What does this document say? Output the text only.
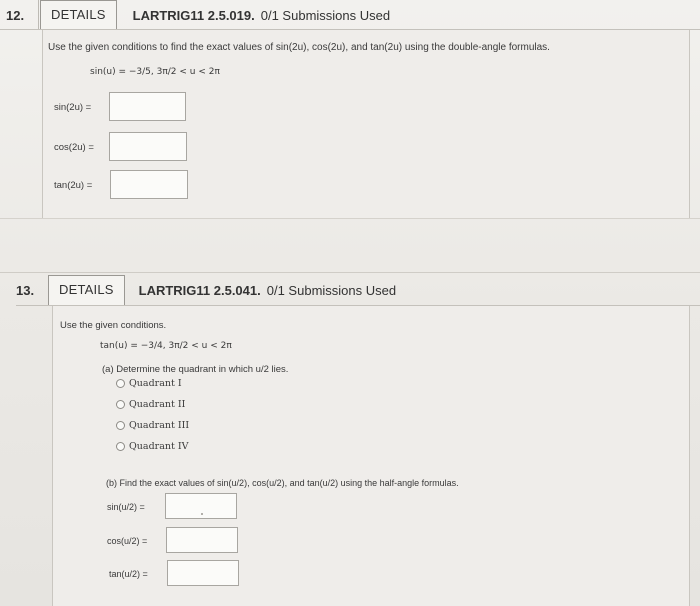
12.	DETAILS	LARTRIG11 2.5.019. 0/1 Submissions Used
Use the given conditions to find the exact values of sin(2u), cos(2u), and tan(2u) using the double-angle formulas.
sin(u) = −3/5, 3π/2 < u < 2π
sin(2u) =
cos(2u) =
tan(2u) =
13.	DETAILS	LARTRIG11 2.5.041. 0/1 Submissions Used
Use the given conditions.
tan(u) = −3/4, 3π/2 < u < 2π
(a) Determine the quadrant in which u/2 lies.
Quadrant I
Quadrant II
Quadrant III
Quadrant IV
(b) Find the exact values of sin(u/2), cos(u/2), and tan(u/2) using the half-angle formulas.
sin(u/2) =
cos(u/2) =
tan(u/2) =
